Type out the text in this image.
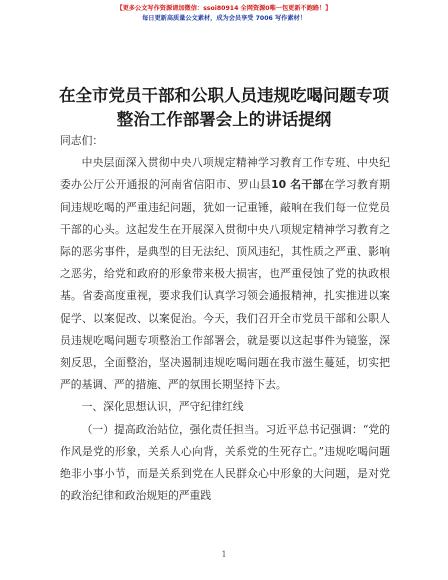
【更多公文写作资源请加微信：ssoi80914 全网资源0唯一包更新不跑路！】
每日更新高质量公文素材，成为会员享受 7006 写作素材！
在全市党员干部和公职人员违规吃喝问题专项
整治工作部署会上的讲话提纲

同志们：

中央层面深入贯彻中央八项规定精神学习教育工作专班、中央纪委办公厅公开通报的河南省信阳市、罗山县10 名干部在学习教育期间违规吃喝的严重违纪问题，犹如一记重锤，敲响在我们每一位党员干部的心头。这起发生在开展深入贯彻中央八项规定精神学习教育之际的恶劣事件，是典型的目无法纪、顶风违纪，其性质之严重、影响之恶劣，给党和政府的形象带来极大损害，也严重侵蚀了党的执政根基。省委高度重视，要求我们认真学习领会通报精神，扎实推进以案促学、以案促改、以案促治。今天，我们召开全市党员干部和公职人员违规吃喝问题专项整治工作部署会，就是要以这起事件为镜鉴，深刻反思，全面整治，坚决遏制违规吃喝问题在我市滋生蔓延，切实把严的基调、严的措施、严的氛围长期坚持下去。

一、深化思想认识，严守纪律红线

（一）提高政治站位，强化责任担当。习近平总书记强调：“党的作风是党的形象，关系人心向背，关系党的生死存亡。”违规吃喝问题绝非小事小节，而是关系到党在人民群众心中形象的大问题，是对党的政治纪律和政治规矩的严重践

1
